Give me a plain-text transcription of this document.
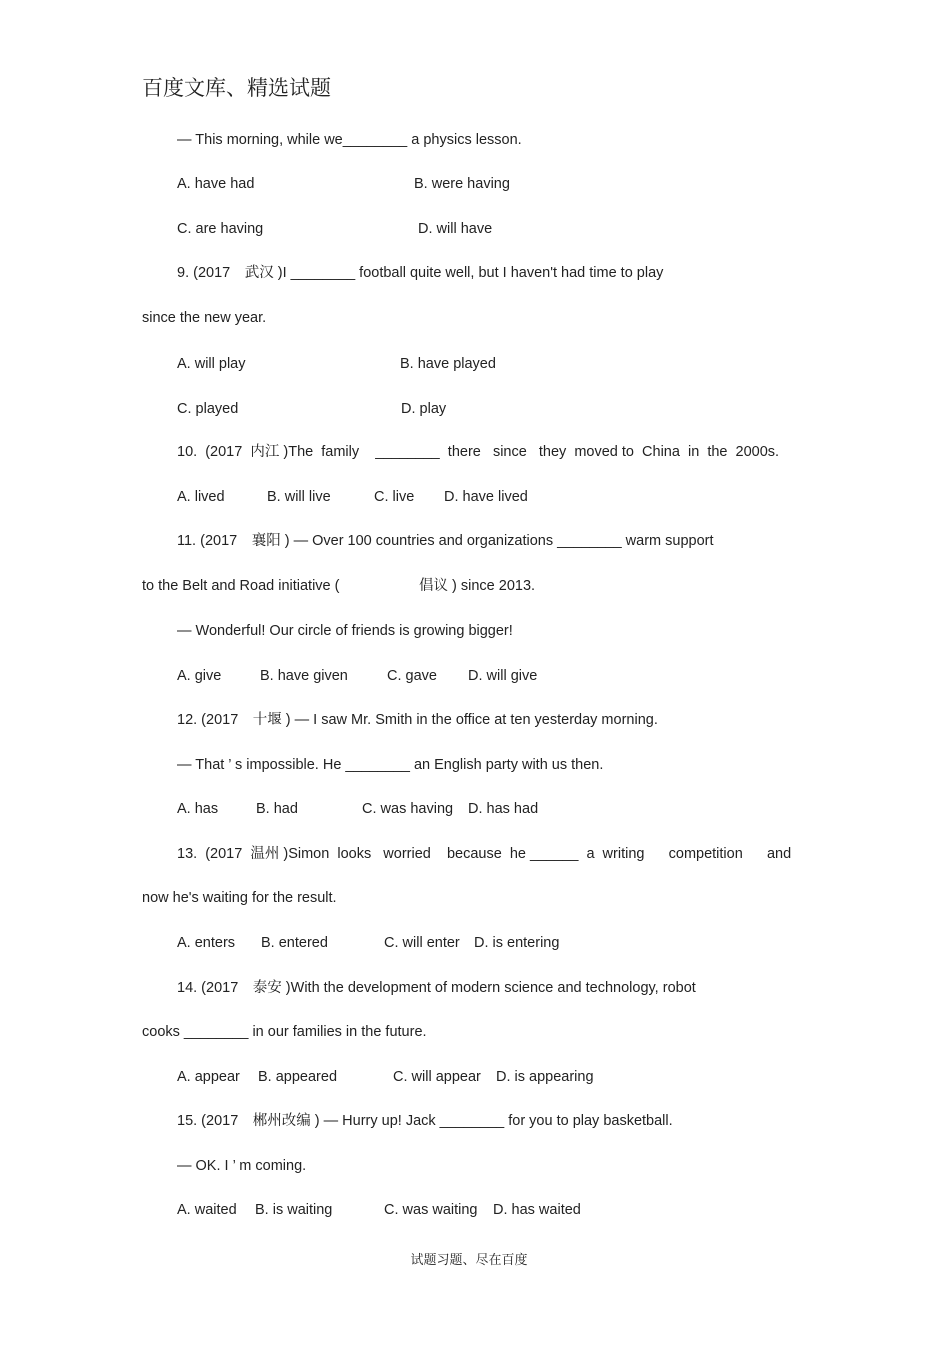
百度文库、精选试题
— This morning, while we________ a physics lesson.
A. have had	B. were having
C. are having	D. will have
9. (2017　武汉 )I ________ football quite well, but I haven't had time to play
since the new year.
A. will play	B. have played
C. played	D. play
10.  (2017  内江 )The  family    ________  there   since   they  moved to  China  in  the  2000s.
A. lived	B. will live	C. live D. have lived
11. (2017　襄阳 ) — Over 100 countries and organizations ________ warm support
to the Belt and Road initiative (	倡议 ) since 2013.
— Wonderful! Our circle of friends is growing bigger!
A. give	B. have given	C. gave D. will give
12. (2017　十堰 ) — I saw Mr. Smith in the office at ten yesterday morning.
— That ’ s impossible. He ________ an English party with us then.
A. has	B. had	C. was having D. has had
13.  (2017  温州 )Simon  looks   worried    because  he ______  a  writing      competition      and
now he's waiting for the result.
A. enters B. entered	C. will enter D. is entering
14. (2017　泰安 )With the development of modern science and technology, robot
cooks ________ in our families in the future.
A. appear B. appeared	C. will appear D. is appearing
15. (2017　郴州改编 ) — Hurry up! Jack ________ for you to play basketball.
— OK. I ’ m coming.
A. waited B. is waiting	C. was waiting D. has waited
试题习题、尽在百度
